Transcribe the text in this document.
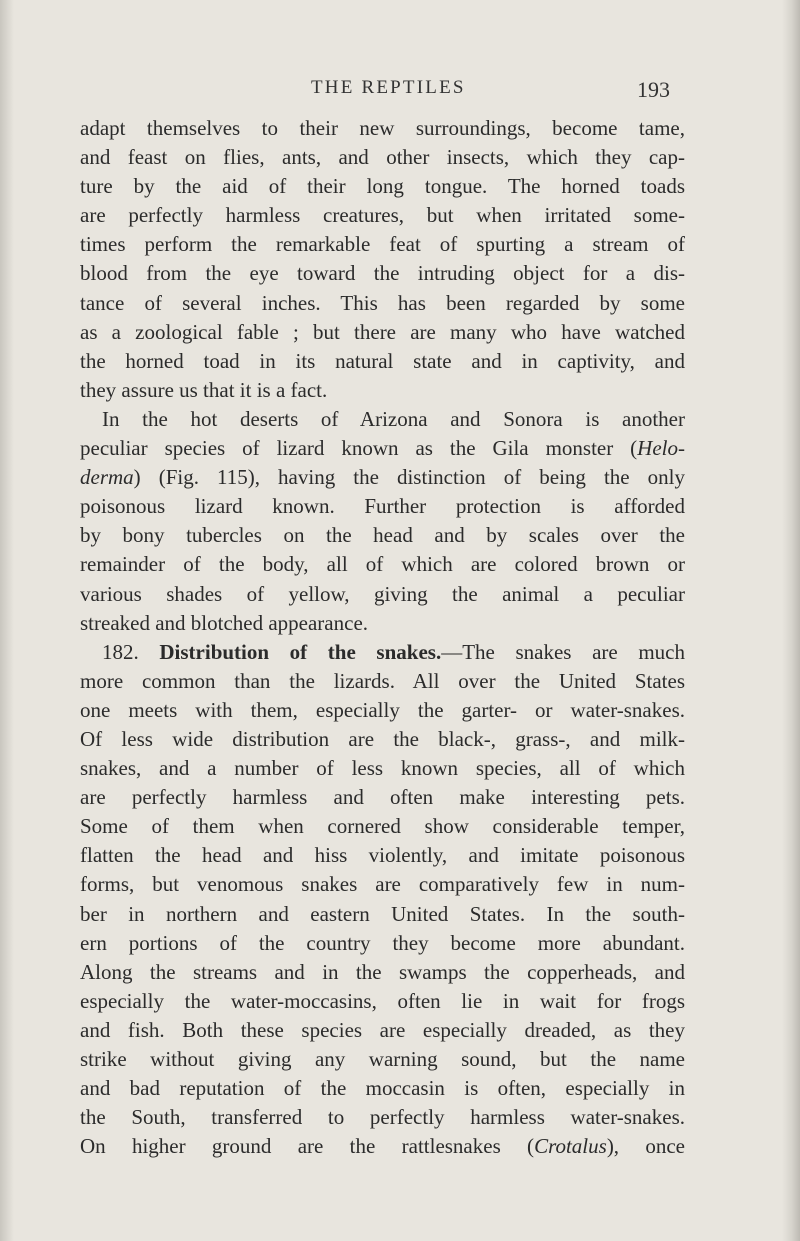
THE REPTILES	193
adapt themselves to their new surroundings, become tame,
and feast on flies, ants, and other insects, which they cap-
ture by the aid of their long tongue. The horned toads
are perfectly harmless creatures, but when irritated some-
times perform the remarkable feat of spurting a stream of
blood from the eye toward the intruding object for a dis-
tance of several inches. This has been regarded by some
as a zoological fable ; but there are many who have watched
the horned toad in its natural state and in captivity, and
they assure us that it is a fact.
In the hot deserts of Arizona and Sonora is another
peculiar species of lizard known as the Gila monster (Helo-
derma) (Fig. 115), having the distinction of being the only
poisonous lizard known. Further protection is afforded
by bony tubercles on the head and by scales over the
remainder of the body, all of which are colored brown or
various shades of yellow, giving the animal a peculiar
streaked and blotched appearance.
182. Distribution of the snakes.—The snakes are much
more common than the lizards. All over the United States
one meets with them, especially the garter- or water-snakes.
Of less wide distribution are the black-, grass-, and milk-
snakes, and a number of less known species, all of which
are perfectly harmless and often make interesting pets.
Some of them when cornered show considerable temper,
flatten the head and hiss violently, and imitate poisonous
forms, but venomous snakes are comparatively few in num-
ber in northern and eastern United States. In the south-
ern portions of the country they become more abundant.
Along the streams and in the swamps the copperheads, and
especially the water-moccasins, often lie in wait for frogs
and fish. Both these species are especially dreaded, as they
strike without giving any warning sound, but the name
and bad reputation of the moccasin is often, especially in
the South, transferred to perfectly harmless water-snakes.
On higher ground are the rattlesnakes (Crotalus), once
